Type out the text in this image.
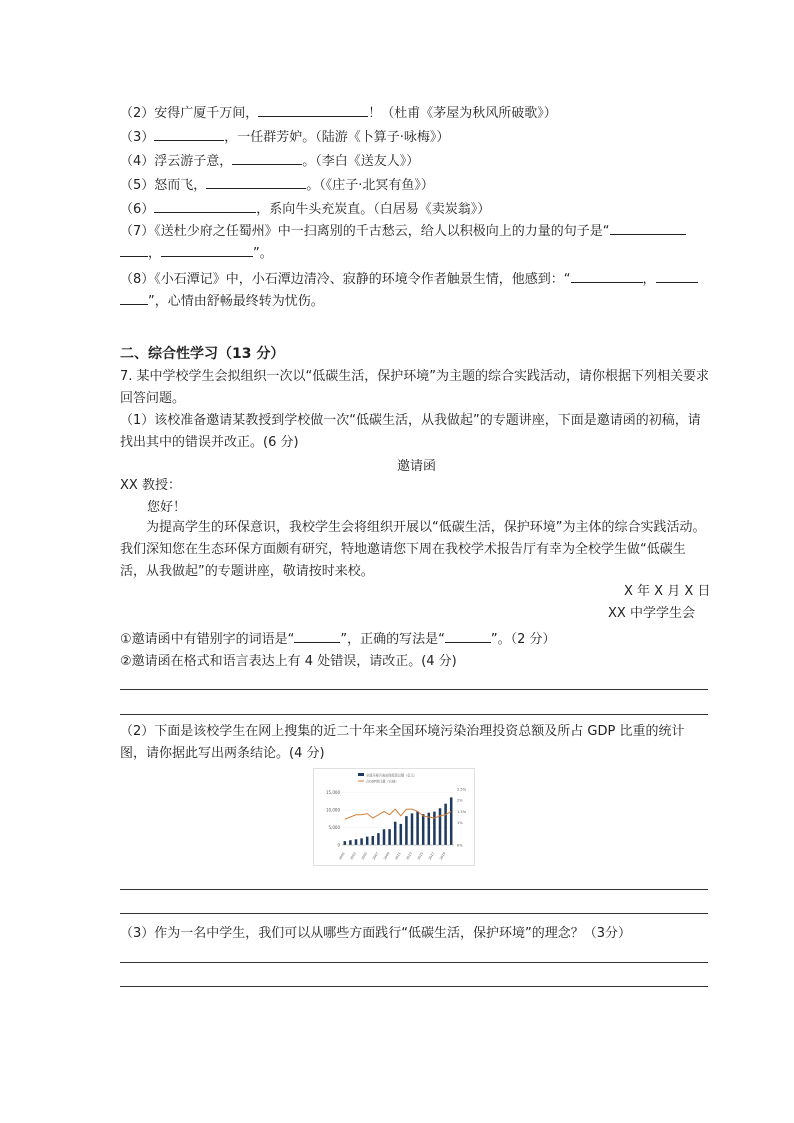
（2）安得广厦千万间，	！（杜甫《茅屋为秋风所破歌》）
（3）	，一任群芳妒。（陆游《卜算子·咏梅》）
（4）浮云游子意，	。（李白《送友人》）
（5）怒而飞，	。（《庄子·北冥有鱼》）
（6）	，系向牛头充炭直。（白居易《卖炭翁》）
（7）《送杜少府之任蜀州》中一扫离别的千古愁云，给人以积极向上的力量的句子是“
，	”。
（8）《小石潭记》中，小石潭边清冷、寂静的环境令作者触景生情，他感到：“	，
”，心情由舒畅最终转为忧伤。
二、综合性学习（13 分）
7. 某中学校学生会拟组织一次以“低碳生活，保护环境”为主题的综合实践活动，请你根据下列相关要求回答问题。
（1）该校准备邀请某教授到学校做一次“低碳生活，从我做起”的专题讲座，下面是邀请函的初稿，请找出其中的错误并改正。(6 分)
邀请函
XX 教授：
您好！
为提高学生的环保意识，我校学生会将组织开展以“低碳生活，保护环境”为主体的综合实践活动。我们深知您在生态环保方面颇有研究，特地邀请您下周在我校学术报告厅有幸为全校学生做“低碳生活，从我做起”的专题讲座，敬请按时来校。
X 年 X 月 X 日
XX 中学学生会
①邀请函中有错别字的词语是“	”，正确的写法是“	”。（2 分）
②邀请函在格式和语言表达上有 4 处错误，请改正。(4 分)
（2）下面是该校学生在网上搜集的近二十年来全国环境污染治理投资总额及所占 GDP 比重的统计图，请你据此写出两条结论。(4 分)
全国环境污染治理投资总额（亿元）
占GDP的比重（右轴）
0
5,000
10,000
15,000
0%
1%
1.5%
2%
2.5%
2001 2003 2005 2007 2009 2011 2013 2015 2017 2019
（3）作为一名中学生，我们可以从哪些方面践行“低碳生活，保护环境”的理念？（3分）
